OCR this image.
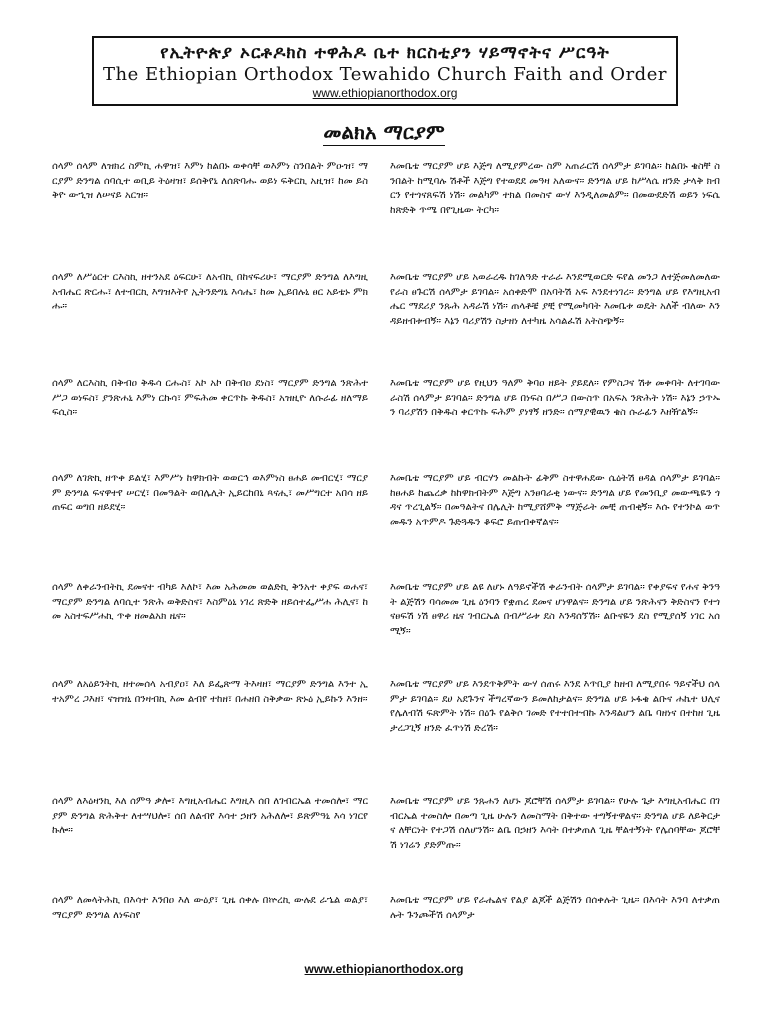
የኢትዮጵያ ኦርቶዶክስ ተዋሕዶ ቤተ ክርስቲያን ሃይማኖትና ሥርዓት
The Ethiopian Orthodox Tewahido Church Faith and Order
www.ethiopianorthodox.org
መልክአ ማርያም
ሰላም ሰላም ለዝክረ ስምኪ ሐዋዝ፣ እምነ ከልበኑ ወቀሳቸ ወእምነ ስንበልት ምዑዝ፣ ማርያም ድንግል ሰባሲተ ወቢይ ትዕዛዝ፣ ይሰቅየኒ ለሰጽባሑ ወይነ ፍቅርኪ አዚዝ፣ ከመ ይስቅዮ ውኂዝ ለሠናይ አርዝ።
እመቤቴ ማርያም ሆይ እጅግ ለሚያምረው ስም አጠራርሽ ሰላምታ ይገባል። ከልበኑ ቄስቸ ስንበልት ከሚባሉ ሽቶች እጅግ የተወደደ መዓዛ አለውና። ድንግል ሆይ ከሥላሴ ዘንድ ታላቅ ክብርን የተጎናጸፍሽ ነሽ። መልካም ተክል በመስኖ ውሃ እንዲለመልም። በመውደድሽ ወይን ነፍሴ ከጽድቅ ጥሜ በየጊዜው ትርካ።
ሰላም ለሥዕርተ ርእስኪ ዘተንአደ ዕፍርሁ፣ ለአብኪ በከናፍሪሁ፣ ማርያም ድንግል ለእግዚአብሔር ጽርሑ፣ ለተብርኪ እግዝእትየ ኢትንድግኒ እሳሔ፣ ከመ ኢይበሉኒ ፀር አይቴኑ ምክሑ።
እመቤቴ ማርያም ሆይ አወራረዱ ከገለዓድ ተራራ እንደሚወርድ ፍየል መንጋ ለተጅመለመለው የራስ ፀጉርሽ ሰላምታ ይገባል። አሰቀድሞ በአባትሽ አፍ እንደተነገረ። ድንግል ሆይ የእግዚአብሔር ማደሪያ ንጹሕ አዳራሽ ነሽ። ጠላቶቼ ያቺ የሚመካባት እመቤቱ ወዴት አለች ብለው እንዳይዘብቱብኝ። እኔን ባሪያሽን ስታዘነ ለተካዜ አሳልፈሽ አትስጭኝ።
ሰላም ለርእስኪ በቅብዐ ቅዱሳ ርሑስ፣ አኮ አኮ በቅብዐ ደነስ፣ ማርያም ድንግል ንጽሕተ ሥጋ ወነፍስ፣ ያንጽሐኒ እምነ ርኩሳ፣ ምፍሕመ ቀርጥኩ ቅዱስ፣ አዝዚዮ ለሱራፊ ዘለማይ ፍሲስ።
እመቤቴ ማርያም ሆይ የዚህን ዓለም ቅባዐ ዘይት ያይደለ። የምስጋና ሽቱ መቀባት ለተገባው ራስሽ ሰላምታ ይገባል። ድንግል ሆይ በነፍስ በሥጋ በውስጥ በአፍአ ንጽሕት ነሽ። እኔን ኃጥኡን ባሪያሽን በቅዱስ ቀርጥኩ ፍሕም ያነፃኝ ዘንድ። ሰማያዊዉን ቄስ ሱራፊን እዘዥልኝ።
ሰላም ለገጽኪ ዘጥቀ ይልሂ፣ እምሥነ ከዋክብት ወወርኅ ወእምነስ ፀሐይ መብርሂ፣ ማርያም ድንግል ፍናዋተየ ሠርሂ፣ በመዓልት ወበሌሊት ኢይርከበኒ ጻናሒ፣ መሥግርተ አበሳ ዘይጠፍር ወግበ ዘይደሂ።
እመቤቴ ማርያም ሆይ ብርሃን መልኩት ፊቅም ስተዋሐደው ሴዕትሽ ፀዳል ሰላምታ ይገባል። ከፀሐይ ከጨረቃ ከከዋክብትም እጅግ አንፀባራቂ ነውና። ድንግል ሆይ የመንቢያ መውጫዬን ጎዳና ጥረጊልኝ። በመዓልትና በሌሊት ከሚያሸምቅ ማጅራት መቺ ጠብቂኝ። እሱ የተንኮል ወጥመዱን አጥምዶ ጉድጓዱን ቆፍሮ ይጠብቀኛልና።
ሰላም ለቀራንብትኪ ደመናተ ብካይ እለኮ፣ እመ አሕመመ ወልድኪ ቅንአተ ቀያፍ ወሐና፣ ማርያም ድንግል ለባሲተ ንጽሕ ወቅድስና፣ እስምዕኒ ነገረ ጽድቅ ዘይሰተፌሥሐ ሕሊና፣ ከመ አስተፍሥሐኪ ጥቀ ዘመልአክ ዜና።
እመቤቴ ማርያም ሆይ ልዩ ለሆኑ ለዓይኖችሽ ቀራንብት ሰላምታ ይገባል። የቀያፍና የሐና ቅንዓት ልጅሽን ባሳመመ ጊዜ ዕንባን የቋጠረ ደመና ሆነዋልና። ድንግል ሆይ ንጽሕናን ቅድስናን የተጎናፀፍሽ ነሽ ፀዋሪ ዜና ገብርኤል በብሥራቱ ደስ እንዳሰኘሽ። ልቡናዬን ደስ የሚያሰኝ ነገር አሰሚኝ።
ሰላም ለአዕይንትኪ ዘተመሰላ አብያዐ፣ እለ ይፌጽማ ትእዛዘ፣ ማርያም ድንግል እንተ ኢተአምረ ጋእዘ፣ ናዝዝኒ በንዛብኪ እመ ልብየ ተከዘ፣ በሐዘበ ስቅቃው ጽኑዕ ኢይኩን እንዘ።
እመቤቴ ማርያም ሆይ እንደጥቅምት ውሃ ሰጠሩ እንደ እጥቢያ ከዘብ ለሚያበሩ ዓይኖችህ ሰላምታ ይገባል። ደሀ አደጉንና ችግረኛውን ይመለከታልና። ድንግል ሆይ ኑፋቄ ልቡና ሐኬተ ህሊና የሌለብሽ ፍጽምት ነሽ። በዕጉ የልቅሶ ገመድ የተተበተብኩ እንዳልሆን ልቤ ባዘነና በተከዘ ጊዜ ታረጋጊኝ ዘንድ ፈጥነሽ ድረሽ።
ሰላም ለእዕዛንኪ እለ ሰምዓ ቃሎ፣ እግዚአብሔር እግዚእ ሰበ ለገብርኤል ተመሰሎ፣ ማርያም ድንግል ጽሕቅተ ለተሣህሎ፣ ሰበ ለልብየ እሳተ ኃዘን አሕለሎ፣ ይጽምዓኒ እሳ ነገርየ ኩሎ።
እመቤቴ ማርያም ሆይ ንጹሐን ለሆኑ ጆሮቸሽ ሰላምታ ይገባል። የሁሉ ጌታ እግዚአብሔር በገብርኤል ተመስሎ በመጣ ጊዜ ሁሉን ለመስማት በቅተው ተግኝተዋልና። ድንግል ሆይ ለይቅርታና ለቸርነት የተጋሽ ሰለሆንሽ። ልቤ በኃዘን እሳት በተቃጠለ ጊዜ ቸልተኝነት የሌሰባቸው ጆሮቸሽ ነገሬን ያድምጡ።
ሰላም ለመላትሕኪ በእሳተ እንበዐ እለ ውዕያ፣ ጊዜ ሰቀሉ በኵረኪ ውሉደ ራኄል ወልያ፣ ማርያም ድንግል ለነፍስየ
እመቤቴ ማርያም ሆይ የራሔልና የልያ ልጆች ልጅሽን በሰቀሉት ጊዜ። በእሳት እንባ ለተቃጠሉት ጉንጮችሽ ሰላምታ
www.ethiopianorthodox.org
